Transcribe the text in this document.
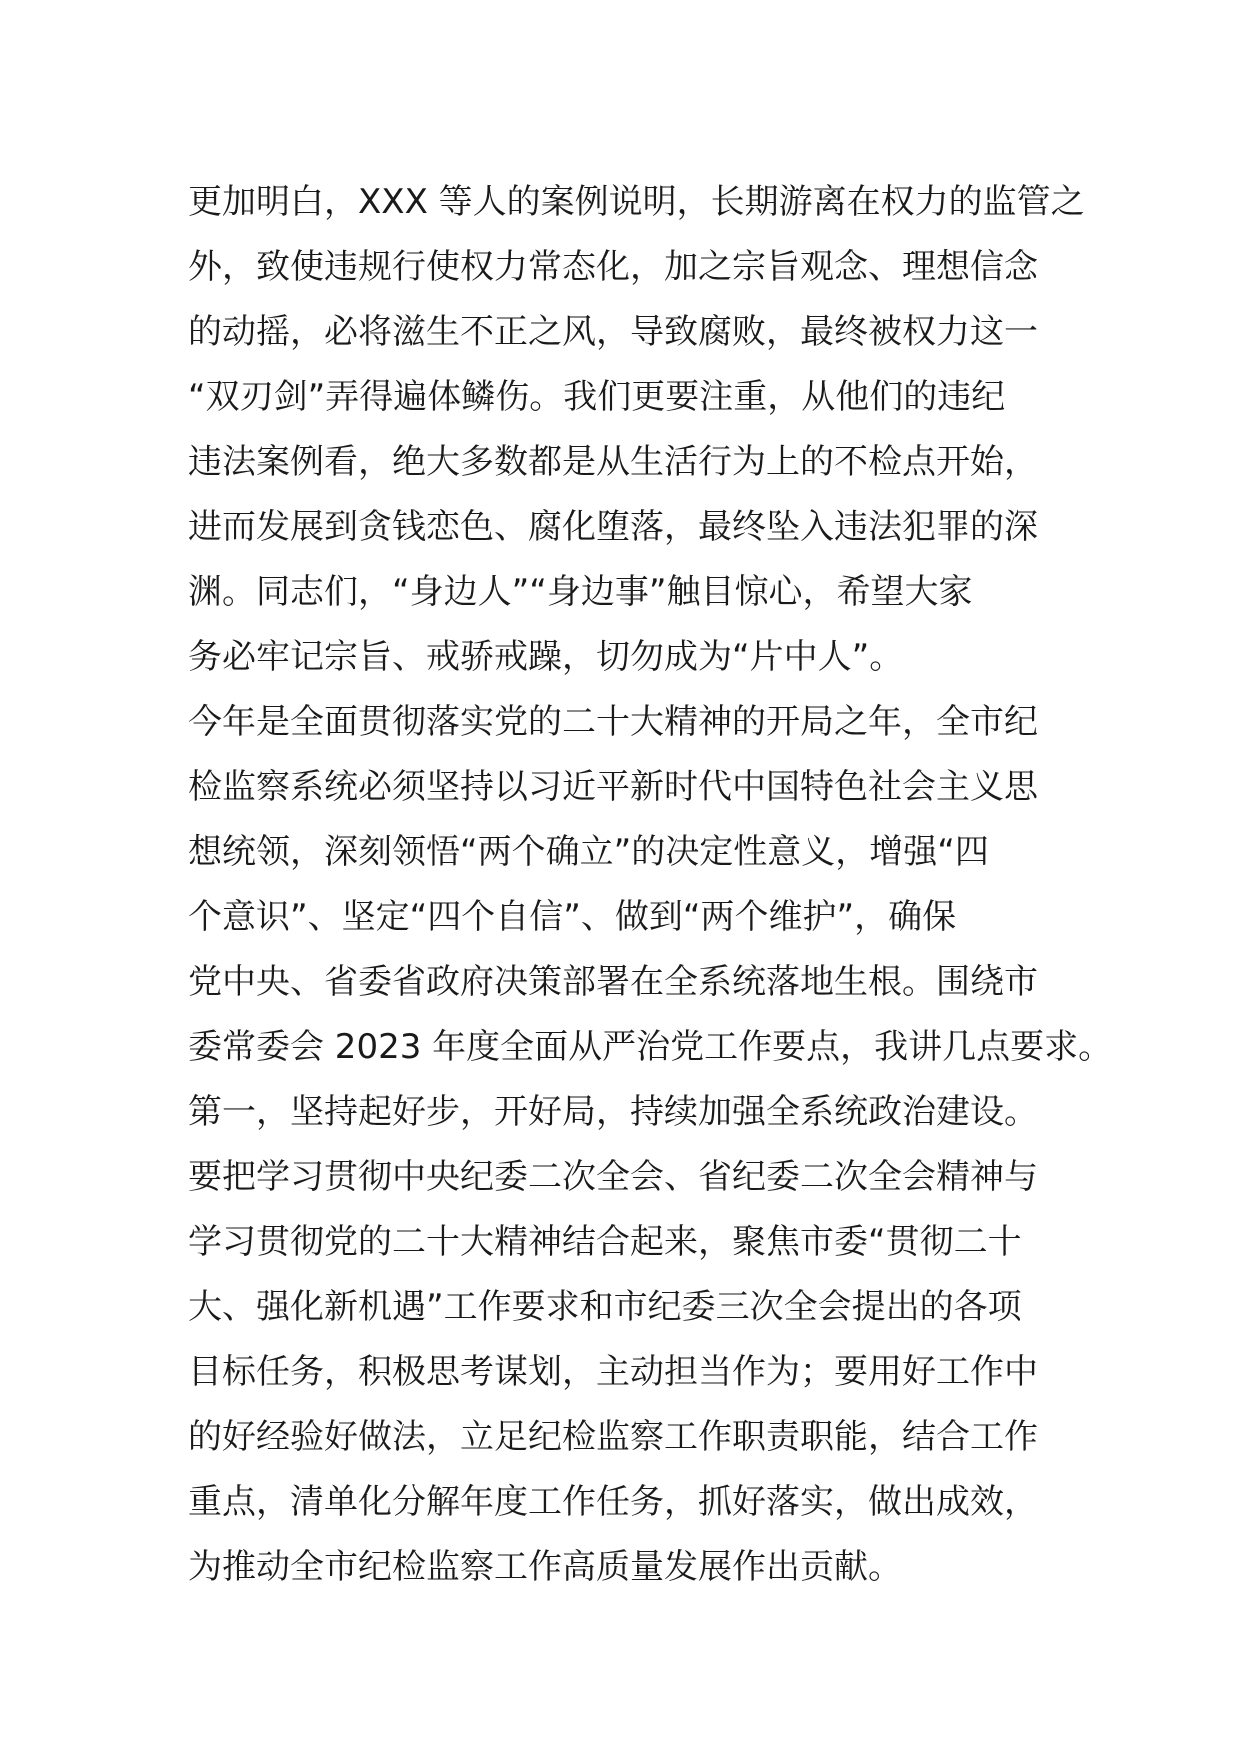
更加明白，XXX 等人的案例说明，长期游离在权力的监管之
外，致使违规行使权力常态化，加之宗旨观念、理想信念
的动摇，必将滋生不正之风，导致腐败，最终被权力这一
“双刃剑”弄得遍体鳞伤。我们更要注重，从他们的违纪
违法案例看，绝大多数都是从生活行为上的不检点开始，
进而发展到贪钱恋色、腐化堕落，最终坠入违法犯罪的深
渊。同志们，“身边人”“身边事”触目惊心，希望大家
务必牢记宗旨、戒骄戒躁，切勿成为“片中人”。
今年是全面贯彻落实党的二十大精神的开局之年，全市纪
检监察系统必须坚持以习近平新时代中国特色社会主义思
想统领，深刻领悟“两个确立”的决定性意义，增强“四
个意识”、坚定“四个自信”、做到“两个维护”，确保
党中央、省委省政府决策部署在全系统落地生根。围绕市
委常委会 2023 年度全面从严治党工作要点，我讲几点要求。
第一，坚持起好步，开好局，持续加强全系统政治建设。
要把学习贯彻中央纪委二次全会、省纪委二次全会精神与
学习贯彻党的二十大精神结合起来，聚焦市委“贯彻二十
大、强化新机遇”工作要求和市纪委三次全会提出的各项
目标任务，积极思考谋划，主动担当作为；要用好工作中
的好经验好做法，立足纪检监察工作职责职能，结合工作
重点，清单化分解年度工作任务，抓好落实，做出成效，
为推动全市纪检监察工作高质量发展作出贡献。
